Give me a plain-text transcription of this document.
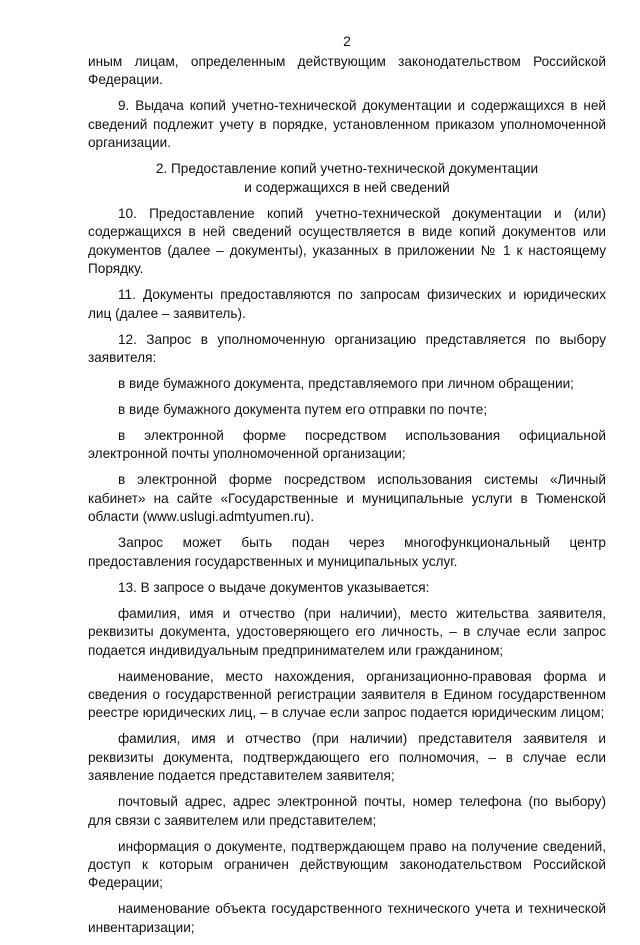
2

иным лицам, определенным действующим законодательством Российской Федерации.

9. Выдача копий учетно-технической документации и содержащихся в ней сведений подлежит учету в порядке, установленном приказом уполномоченной организации.

2. Предоставление копий учетно-технической документации
и содержащихся в ней сведений

10. Предоставление копий учетно-технической документации и (или) содержащихся в ней сведений осуществляется в виде копий документов или документов (далее – документы), указанных в приложении № 1 к настоящему Порядку.

11. Документы предоставляются по запросам физических и юридических лиц (далее – заявитель).

12. Запрос в уполномоченную организацию представляется по выбору заявителя:

в виде бумажного документа, представляемого при личном обращении;

в виде бумажного документа путем его отправки по почте;

в электронной форме посредством использования официальной электронной почты уполномоченной организации;

в электронной форме посредством использования системы «Личный кабинет» на сайте «Государственные и муниципальные услуги в Тюменской области (www.uslugi.admtyumen.ru).

Запрос может быть подан через многофункциональный центр предоставления государственных и муниципальных услуг.

13. В запросе о выдаче документов указывается:

фамилия, имя и отчество (при наличии), место жительства заявителя, реквизиты документа, удостоверяющего его личность, – в случае если запрос подается индивидуальным предпринимателем или гражданином;

наименование, место нахождения, организационно-правовая форма и сведения о государственной регистрации заявителя в Едином государственном реестре юридических лиц, – в случае если запрос подается юридическим лицом;

фамилия, имя и отчество (при наличии) представителя заявителя и реквизиты документа, подтверждающего его полномочия, – в случае если заявление подается представителем заявителя;

почтовый адрес, адрес электронной почты, номер телефона (по выбору) для связи с заявителем или представителем;

информация о документе, подтверждающем право на получение сведений, доступ к которым ограничен действующим законодательством Российской Федерации;

наименование объекта государственного технического учета и технической инвентаризации;
